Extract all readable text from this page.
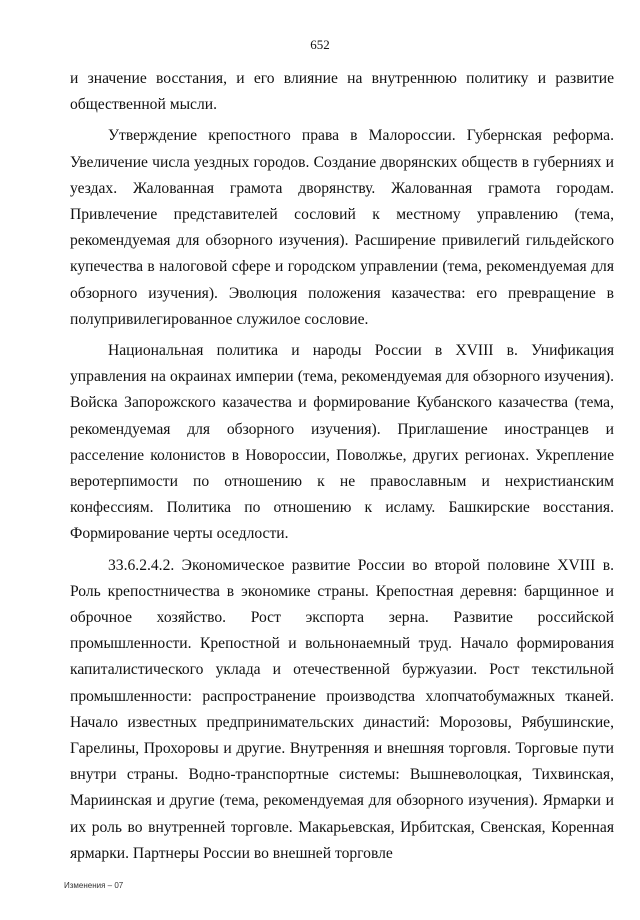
652

и значение восстания, и его влияние на внутреннюю политику и развитие общественной мысли.

Утверждение крепостного права в Малороссии. Губернская реформа. Увеличение числа уездных городов. Создание дворянских обществ в губерниях и уездах. Жалованная грамота дворянству. Жалованная грамота городам. Привлечение представителей сословий к местному управлению (тема, рекомендуемая для обзорного изучения). Расширение привилегий гильдейского купечества в налоговой сфере и городском управлении (тема, рекомендуемая для обзорного изучения). Эволюция положения казачества: его превращение в полупривилегированное служилое сословие.

Национальная политика и народы России в XVIII в. Унификация управления на окраинах империи (тема, рекомендуемая для обзорного изучения). Войска Запорожского казачества и формирование Кубанского казачества (тема, рекомендуемая для обзорного изучения). Приглашение иностранцев и расселение колонистов в Новороссии, Поволжье, других регионах. Укрепление веротерпимости по отношению к не православным и нехристианским конфессиям. Политика по отношению к исламу. Башкирские восстания. Формирование черты оседлости.

33.6.2.4.2. Экономическое развитие России во второй половине XVIII в. Роль крепостничества в экономике страны. Крепостная деревня: барщинное и оброчное хозяйство. Рост экспорта зерна. Развитие российской промышленности. Крепостной и вольнонаемный труд. Начало формирования капиталистического уклада и отечественной буржуазии. Рост текстильной промышленности: распространение производства хлопчатобумажных тканей. Начало известных предпринимательских династий: Морозовы, Рябушинские, Гарелины, Прохоровы и другие. Внутренняя и внешняя торговля. Торговые пути внутри страны. Водно-транспортные системы: Вышневолоцкая, Тихвинская, Мариинская и другие (тема, рекомендуемая для обзорного изучения). Ярмарки и их роль во внутренней торговле. Макарьевская, Ирбитская, Свенская, Коренная ярмарки. Партнеры России во внешней торговле

Изменения – 07
